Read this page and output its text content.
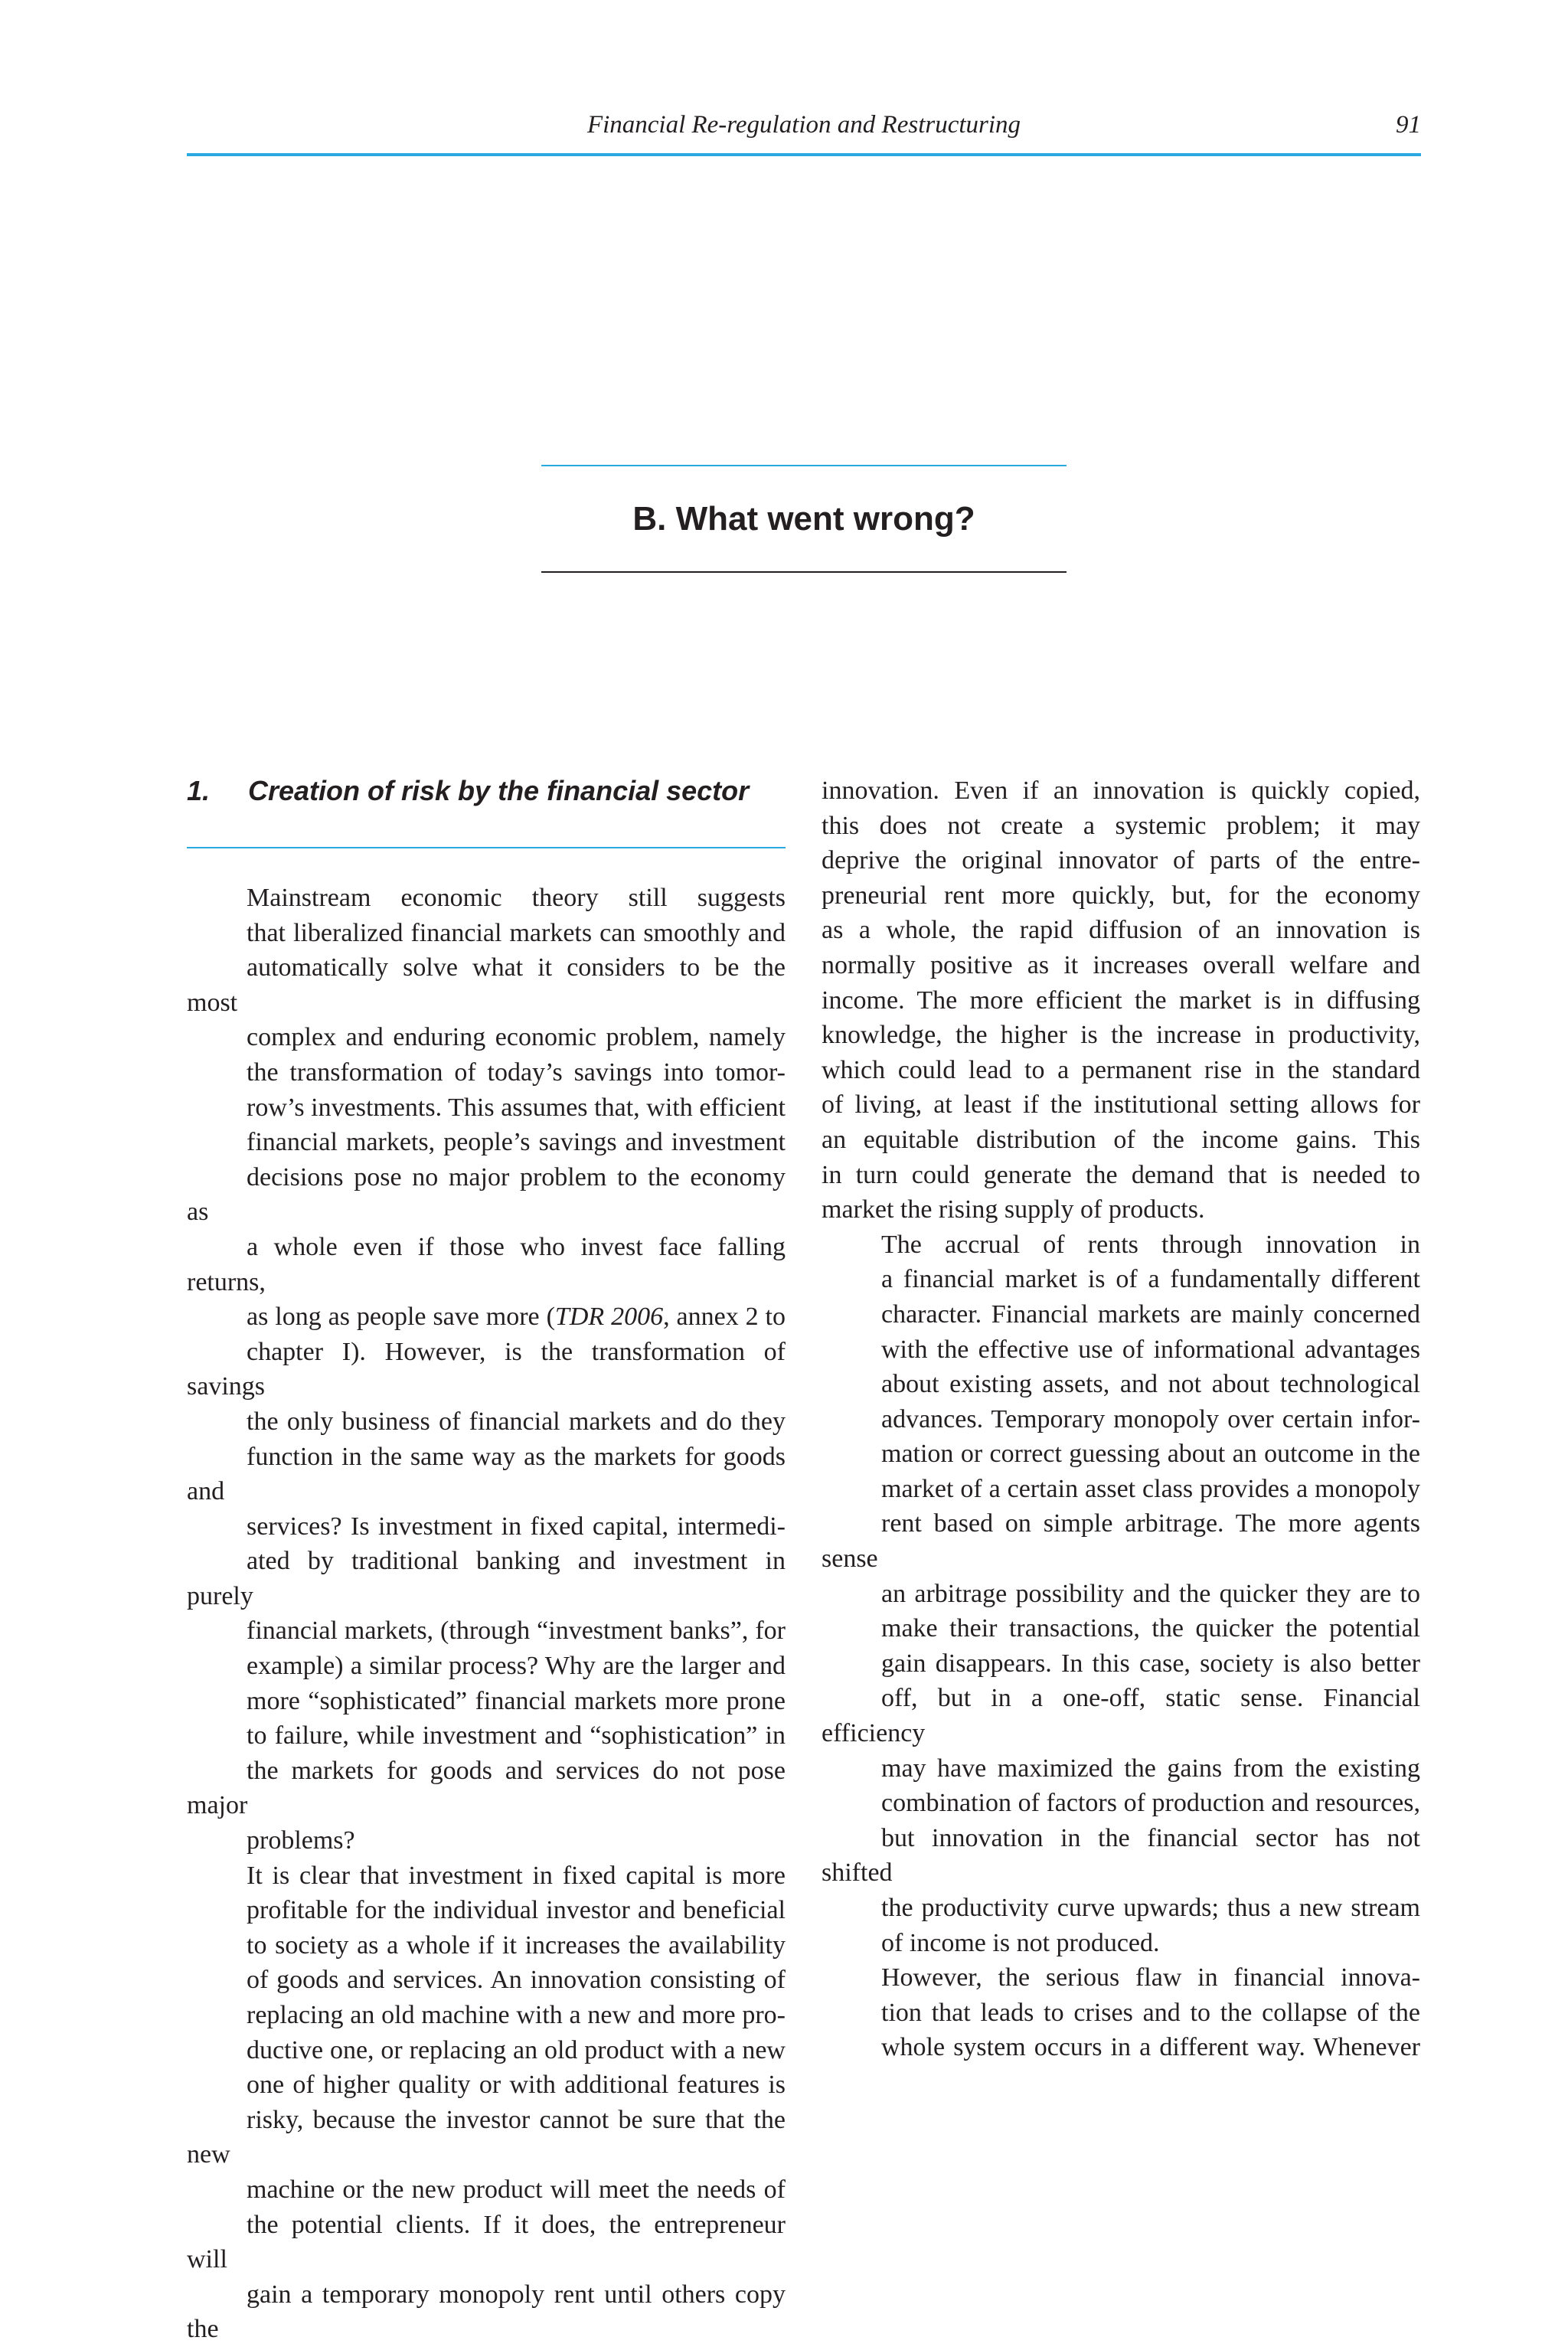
Financial Re-regulation and Restructuring	91
B. What went wrong?
1. Creation of risk by the financial sector

Mainstream economic theory still suggests
that liberalized financial markets can smoothly and
automatically solve what it considers to be the most
complex and enduring economic problem, namely
the transformation of today’s savings into tomor-
row’s investments. This assumes that, with efficient
financial markets, people’s savings and investment
decisions pose no major problem to the economy as
a whole even if those who invest face falling returns,
as long as people save more (TDR 2006, annex 2 to
chapter I). However, is the transformation of savings
the only business of financial markets and do they
function in the same way as the markets for goods and
services? Is investment in fixed capital, intermedi-
ated by traditional banking and investment in purely
financial markets, (through “investment banks”, for
example) a similar process? Why are the larger and
more “sophisticated” financial markets more prone
to failure, while investment and “sophistication” in
the markets for goods and services do not pose major
problems?

It is clear that investment in fixed capital is more
profitable for the individual investor and beneficial
to society as a whole if it increases the availability
of goods and services. An innovation consisting of
replacing an old machine with a new and more pro-
ductive one, or replacing an old product with a new
one of higher quality or with additional features is
risky, because the investor cannot be sure that the new
machine or the new product will meet the needs of
the potential clients. If it does, the entrepreneur will
gain a temporary monopoly rent until others copy the

innovation. Even if an innovation is quickly copied,
this does not create a systemic problem; it may
deprive the original innovator of parts of the entre-
preneurial rent more quickly, but, for the economy
as a whole, the rapid diffusion of an innovation is
normally positive as it increases overall welfare and
income. The more efficient the market is in diffusing
knowledge, the higher is the increase in productivity,
which could lead to a permanent rise in the standard
of living, at least if the institutional setting allows for
an equitable distribution of the income gains. This
in turn could generate the demand that is needed to
market the rising supply of products.

The accrual of rents through innovation in
a financial market is of a fundamentally different
character. Financial markets are mainly concerned
with the effective use of informational advantages
about existing assets, and not about technological
advances. Temporary monopoly over certain infor-
mation or correct guessing about an outcome in the
market of a certain asset class provides a monopoly
rent based on simple arbitrage. The more agents sense
an arbitrage possibility and the quicker they are to
make their transactions, the quicker the potential
gain disappears. In this case, society is also better
off, but in a one-off, static sense. Financial efficiency
may have maximized the gains from the existing
combination of factors of production and resources,
but innovation in the financial sector has not shifted
the productivity curve upwards; thus a new stream
of income is not produced.

However, the serious flaw in financial innova-
tion that leads to crises and to the collapse of the
whole system occurs in a different way. Whenever
